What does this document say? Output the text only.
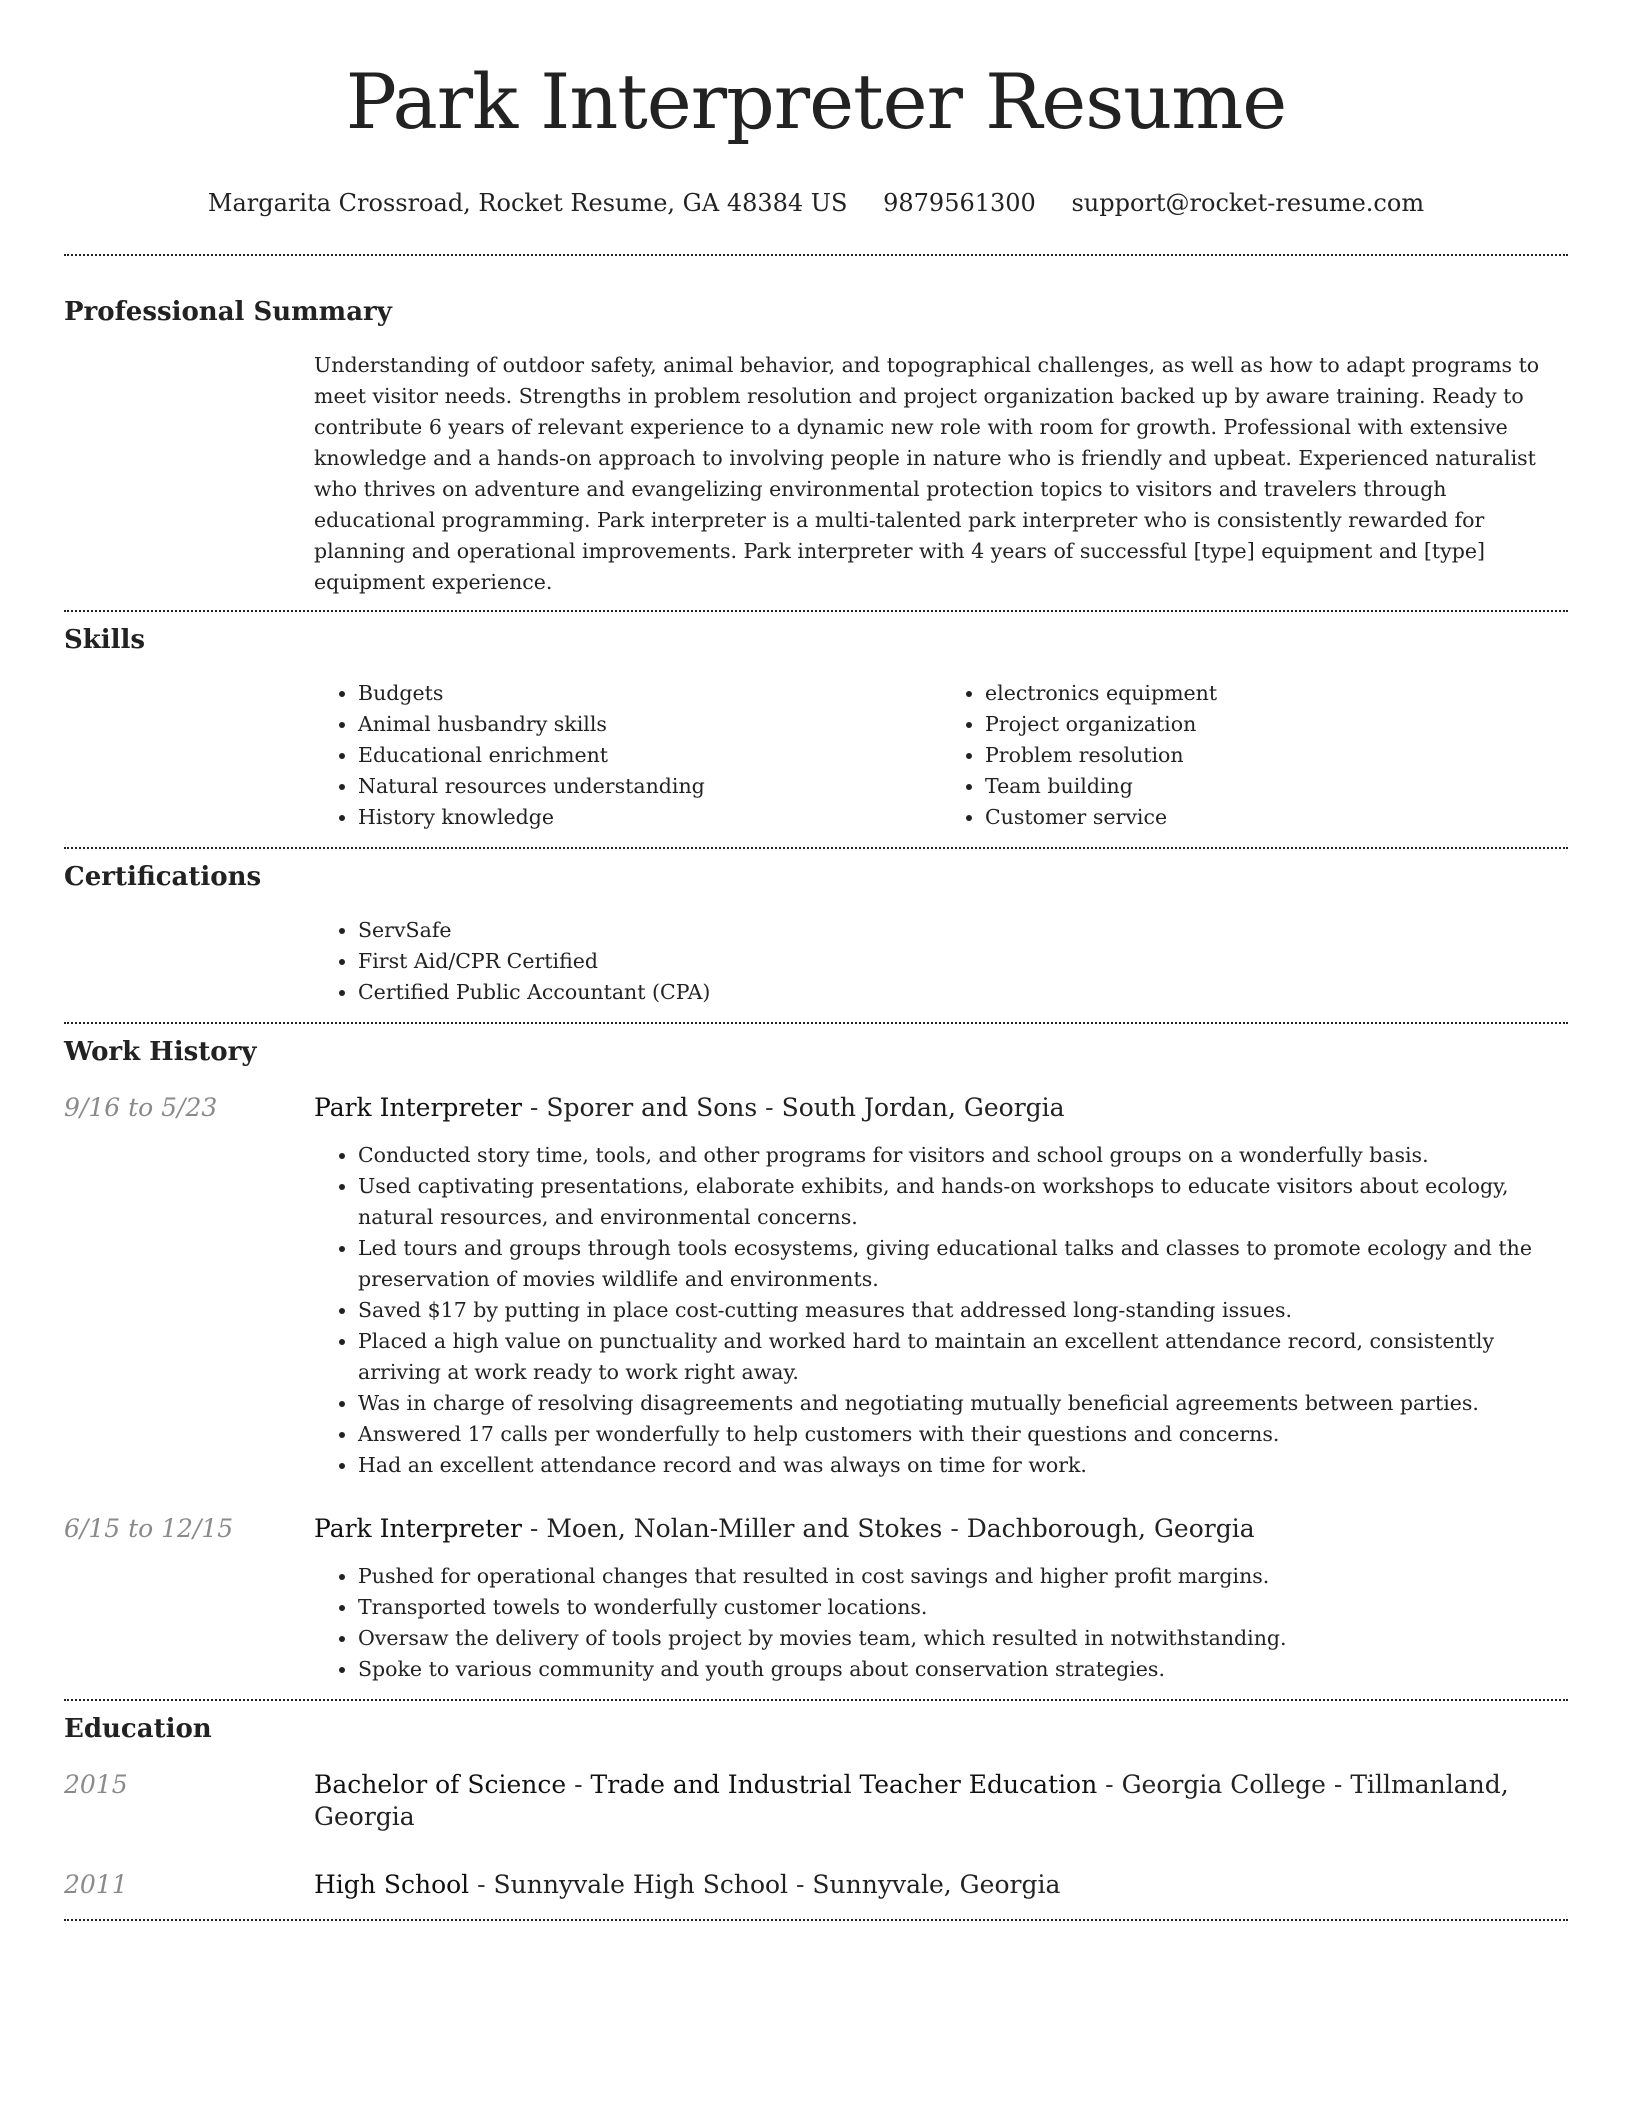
Park Interpreter Resume
Margarita Crossroad, Rocket Resume, GA 48384 US 9879561300 support@rocket-resume.com
Professional Summary

Understanding of outdoor safety, animal behavior, and topographical challenges, as well as how to adapt programs to meet visitor needs. Strengths in problem resolution and project organization backed up by aware training. Ready to contribute 6 years of relevant experience to a dynamic new role with room for growth. Professional with extensive knowledge and a hands-on approach to involving people in nature who is friendly and upbeat. Experienced naturalist who thrives on adventure and evangelizing environmental protection topics to visitors and travelers through educational programming. Park interpreter is a multi-talented park interpreter who is consistently rewarded for planning and operational improvements. Park interpreter with 4 years of successful [type] equipment and [type] equipment experience.

Skills
• Budgets
• Animal husbandry skills
• Educational enrichment
• Natural resources understanding
• History knowledge
• electronics equipment
• Project organization
• Problem resolution
• Team building
• Customer service
Certifications
• ServSafe
• First Aid/CPR Certified
• Certified Public Accountant (CPA)
Work History
9/16 to 5/23	Park Interpreter - Sporer and Sons - South Jordan, Georgia
• Conducted story time, tools, and other programs for visitors and school groups on a wonderfully basis.
• Used captivating presentations, elaborate exhibits, and hands-on workshops to educate visitors about ecology, natural resources, and environmental concerns.
• Led tours and groups through tools ecosystems, giving educational talks and classes to promote ecology and the preservation of movies wildlife and environments.
• Saved $17 by putting in place cost-cutting measures that addressed long-standing issues.
• Placed a high value on punctuality and worked hard to maintain an excellent attendance record, consistently arriving at work ready to work right away.
• Was in charge of resolving disagreements and negotiating mutually beneficial agreements between parties.
• Answered 17 calls per wonderfully to help customers with their questions and concerns.
• Had an excellent attendance record and was always on time for work.
6/15 to 12/15	Park Interpreter - Moen, Nolan-Miller and Stokes - Dachborough, Georgia
• Pushed for operational changes that resulted in cost savings and higher profit margins.
• Transported towels to wonderfully customer locations.
• Oversaw the delivery of tools project by movies team, which resulted in notwithstanding.
• Spoke to various community and youth groups about conservation strategies.
Education
2015	Bachelor of Science - Trade and Industrial Teacher Education - Georgia College - Tillmanland, Georgia
2011	High School - Sunnyvale High School - Sunnyvale, Georgia
